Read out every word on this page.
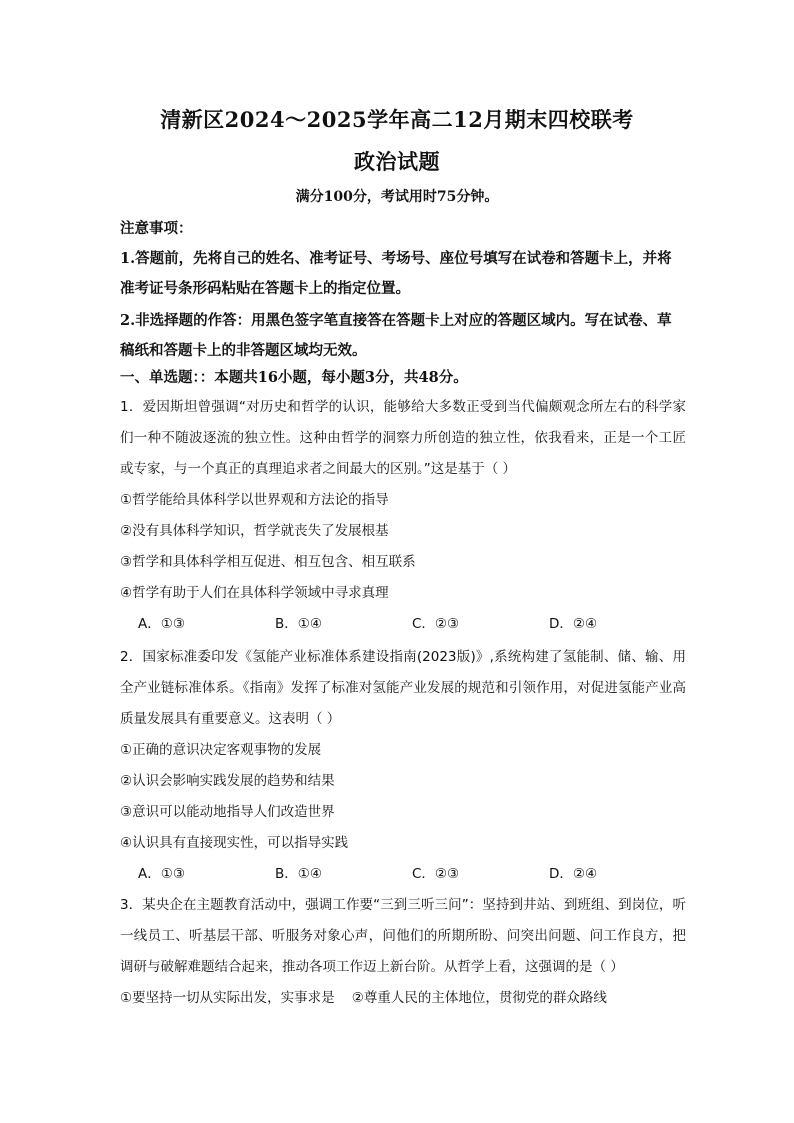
清新区2024～2025学年高二12月期末四校联考
政治试题
满分100分，考试用时75分钟。
注意事项：
1.答题前，先将自己的姓名、准考证号、考场号、座位号填写在试卷和答题卡上，并将准考证号条形码粘贴在答题卡上的指定位置。
2.非选择题的作答：用黑色签字笔直接答在答题卡上对应的答题区域内。写在试卷、草稿纸和答题卡上的非答题区域均无效。
一、单选题：：本题共16小题，每小题3分，共48分。
1．爱因斯坦曾强调“对历史和哲学的认识，能够给大多数正受到当代偏颇观念所左右的科学家们一种不随波逐流的独立性。这种由哲学的洞察力所创造的独立性，依我看来，正是一个工匠或专家，与一个真正的真理追求者之间最大的区别。”这是基于（ ）
①哲学能给具体科学以世界观和方法论的指导
②没有具体科学知识，哲学就丧失了发展根基
③哲学和具体科学相互促进、相互包含、相互联系
④哲学有助于人们在具体科学领域中寻求真理
A．①③	B．①④	C．②③	D．②④
2．国家标准委印发《氢能产业标准体系建设指南(2023版)》,系统构建了氢能制、储、输、用全产业链标准体系。《指南》发挥了标准对氢能产业发展的规范和引领作用，对促进氢能产业高质量发展具有重要意义。这表明（ ）
①正确的意识决定客观事物的发展
②认识会影响实践发展的趋势和结果
③意识可以能动地指导人们改造世界
④认识具有直接现实性，可以指导实践
A．①③	B．①④	C．②③	D．②④
3．某央企在主题教育活动中，强调工作要“三到三听三问”：坚持到井站、到班组、到岗位，听一线员工、听基层干部、听服务对象心声，问他们的所期所盼、问突出问题、问工作良方，把调研与破解难题结合起来，推动各项工作迈上新台阶。从哲学上看，这强调的是（ ）
①要坚持一切从实际出发，实事求是 ②尊重人民的主体地位，贯彻党的群众路线
